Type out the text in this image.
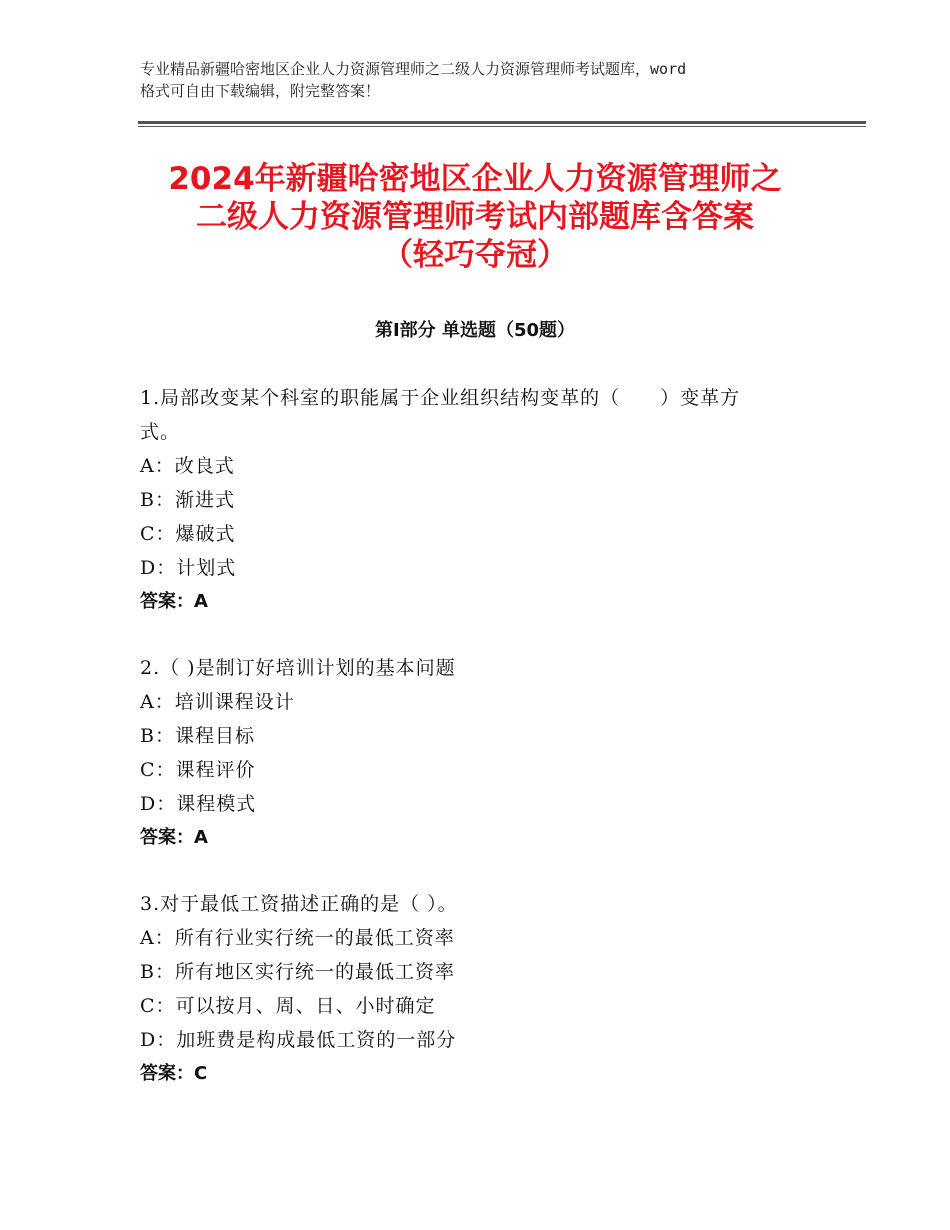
专业精品新疆哈密地区企业人力资源管理师之二级人力资源管理师考试题库，word
格式可自由下载编辑，附完整答案！
2024年新疆哈密地区企业人力资源管理师之
二级人力资源管理师考试内部题库含答案
（轻巧夺冠）
第Ⅰ部分 单选题（50题）
1.局部改变某个科室的职能属于企业组织结构变革的（　　）变革方
式。
A：改良式
B：渐进式
C：爆破式
D：计划式
答案：A
2.（ )是制订好培训计划的基本问题
A：培训课程设计
B：课程目标
C：课程评价
D：课程模式
答案：A
3.对于最低工资描述正确的是（ ）。
A：所有行业实行统一的最低工资率
B：所有地区实行统一的最低工资率
C：可以按月、周、日、小时确定
D：加班费是构成最低工资的一部分
答案：C
